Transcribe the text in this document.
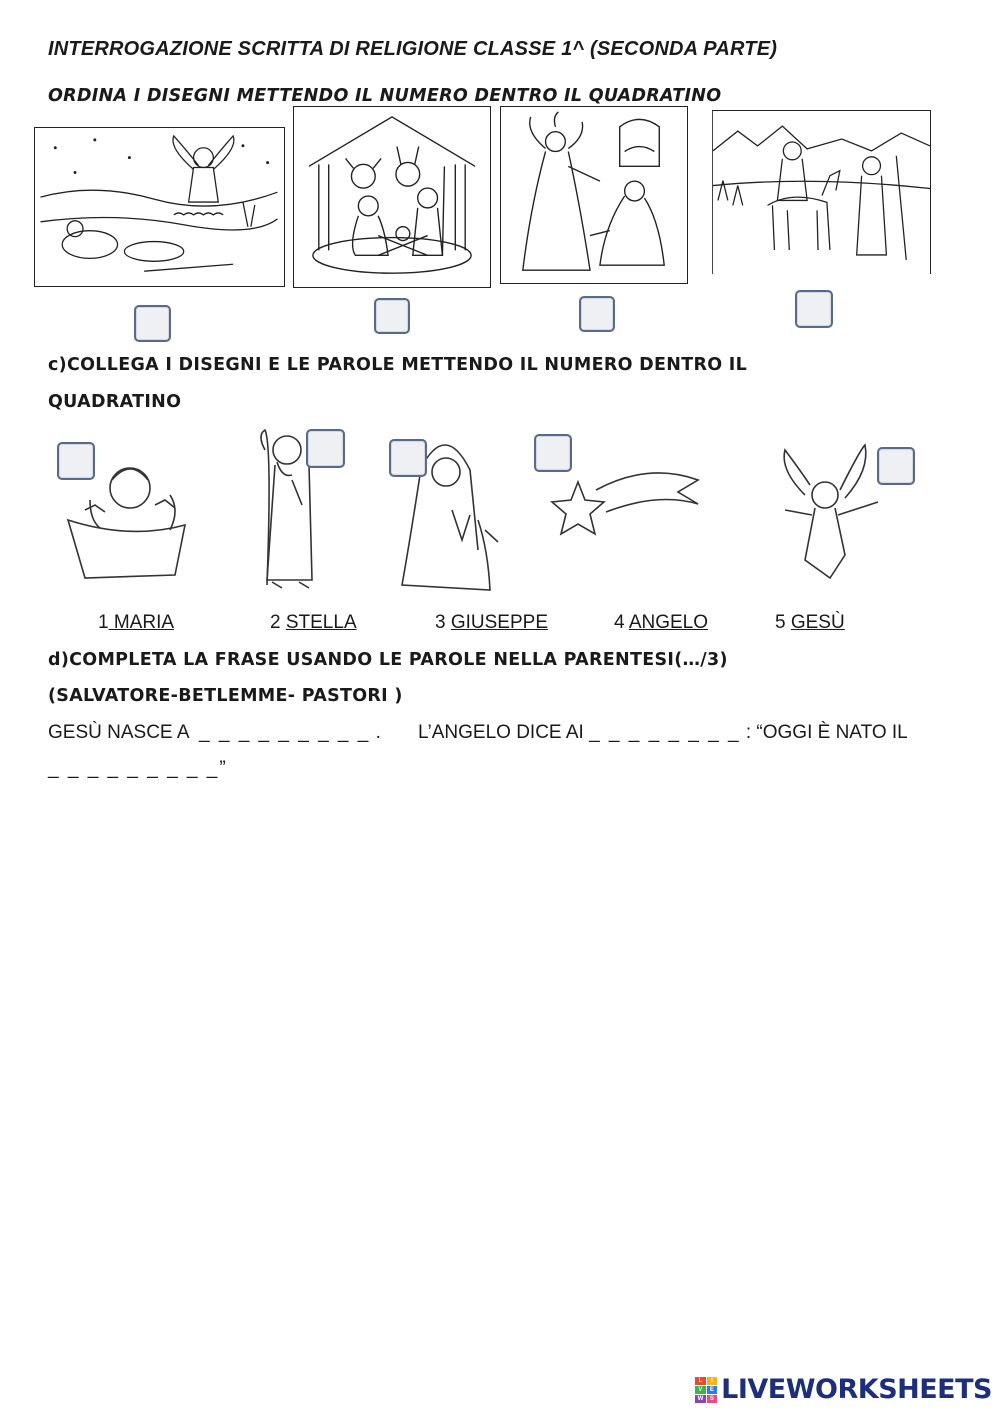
INTERROGAZIONE SCRITTA DI RELIGIONE CLASSE 1^ (SECONDA PARTE)
ORDINA I DISEGNI METTENDO IL NUMERO DENTRO IL QUADRATINO
c)COLLEGA I DISEGNI E LE PAROLE METTENDO IL NUMERO DENTRO IL
QUADRATINO
1 MARIA	2 STELLA	3 GIUSEPPE	4 ANGELO	5 GESÙ
d)COMPLETA LA FRASE USANDO LE PAROLE NELLA PARENTESI(…/3)
(SALVATORE-BETLEMME- PASTORI )
GESÙ NASCE A _ _ _ _ _ _ _ _ _ . L’ANGELO DICE AI _ _ _ _ _ _ _ _ : “OGGI È NATO IL
_ _ _ _ _ _ _ _ _”
L	I
V	E
W	S LIVEWORKSHEETS
